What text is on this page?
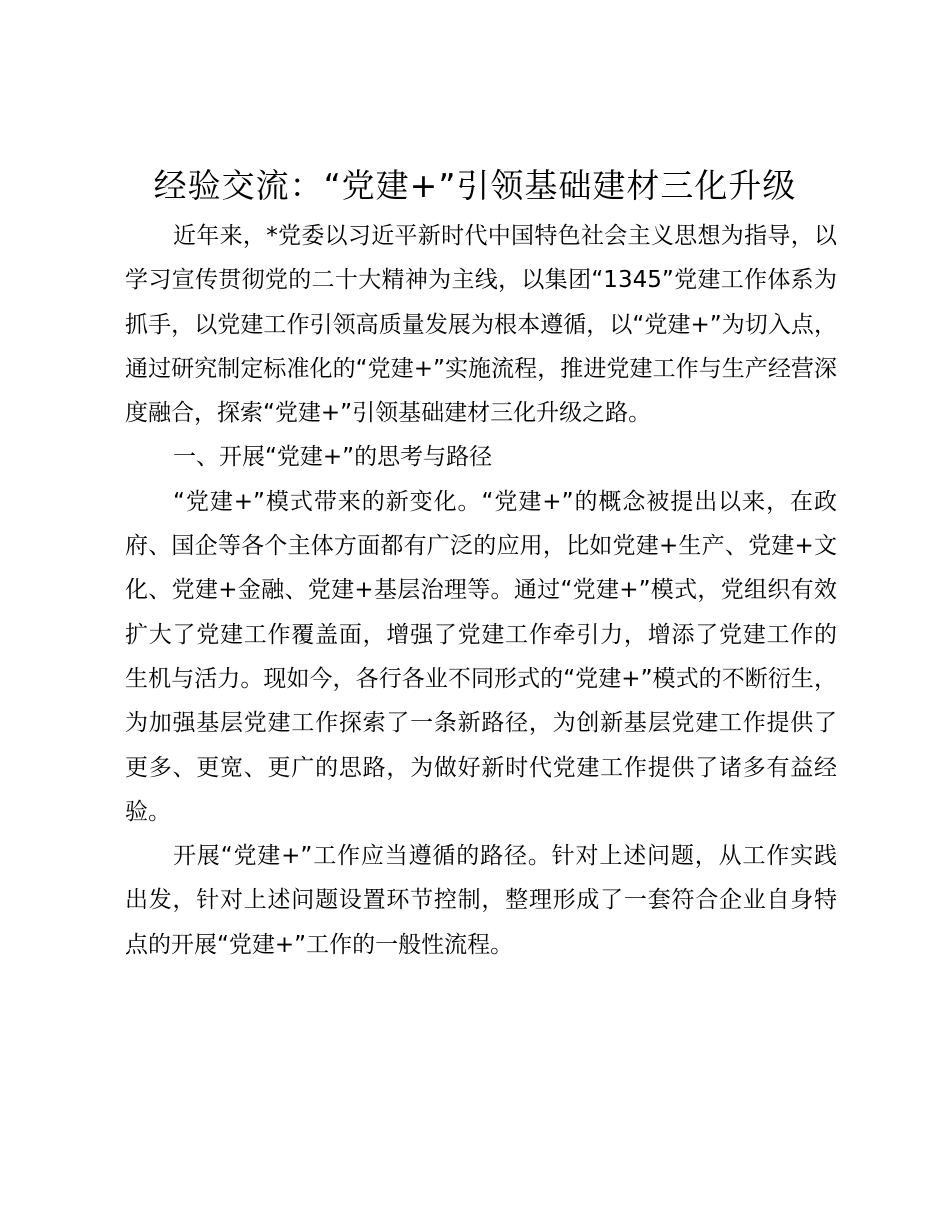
经验交流：“党建+”引领基础建材三化升级

近年来，*党委以习近平新时代中国特色社会主义思想为指导，以学习宣传贯彻党的二十大精神为主线，以集团“1345”党建工作体系为抓手，以党建工作引领高质量发展为根本遵循，以“党建+”为切入点，通过研究制定标准化的“党建+”实施流程，推进党建工作与生产经营深度融合，探索“党建+”引领基础建材三化升级之路。

一、开展“党建+”的思考与路径

“党建+”模式带来的新变化。“党建+”的概念被提出以来，在政府、国企等各个主体方面都有广泛的应用，比如党建+生产、党建+文化、党建+金融、党建+基层治理等。通过“党建+”模式，党组织有效扩大了党建工作覆盖面，增强了党建工作牵引力，增添了党建工作的生机与活力。现如今，各行各业不同形式的“党建+”模式的不断衍生，为加强基层党建工作探索了一条新路径，为创新基层党建工作提供了更多、更宽、更广的思路，为做好新时代党建工作提供了诸多有益经验。

开展“党建+”工作应当遵循的路径。针对上述问题，从工作实践出发，针对上述问题设置环节控制，整理形成了一套符合企业自身特点的开展“党建+”工作的一般性流程。
